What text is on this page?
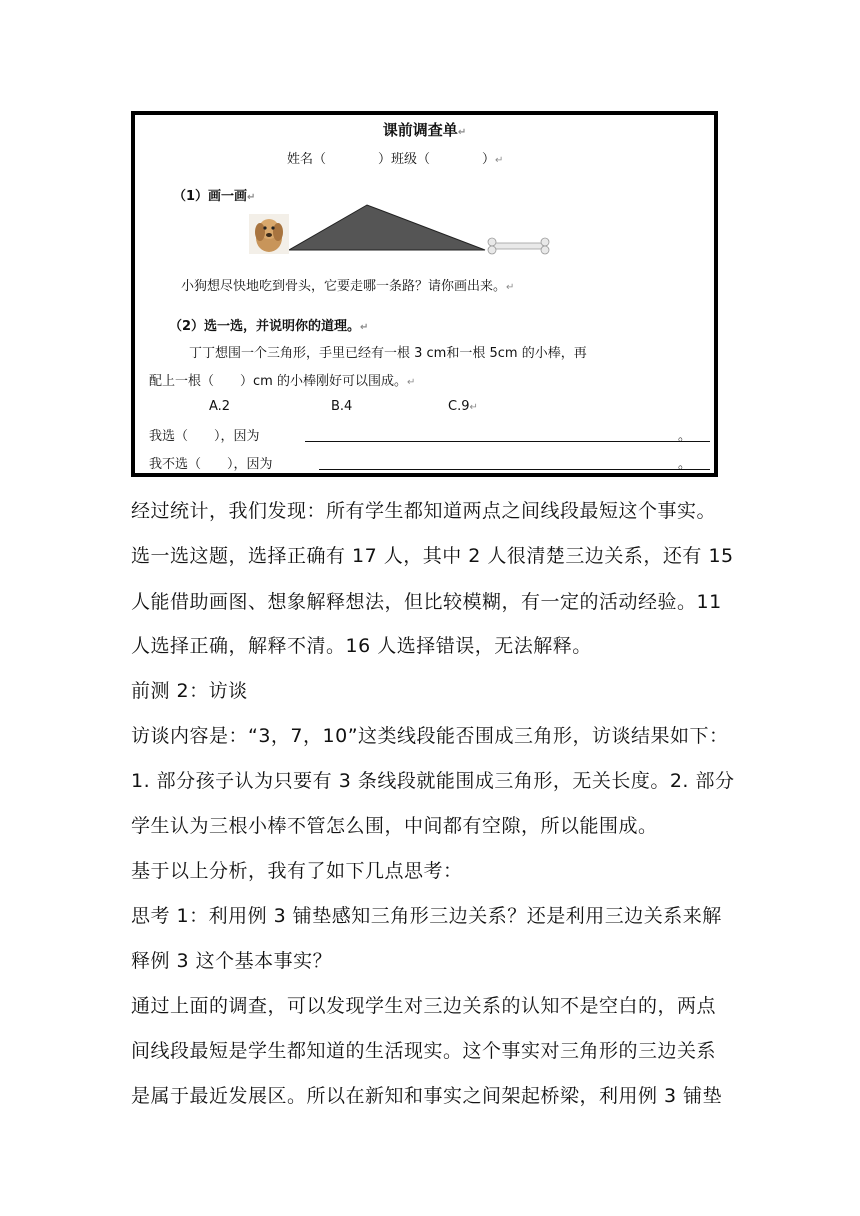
课前调查单↵
姓名（　　　　）班级（　　　　）↵
（1）画一画↵
小狗想尽快地吃到骨头，它要走哪一条路？请你画出来。↵
（2）选一选，并说明你的道理。↵
丁丁想围一个三角形，手里已经有一根 3 cm和一根 5cm 的小棒，再
配上一根（　　）cm 的小棒刚好可以围成。↵
A.2	B.4	C.9↵
我选（　　），因为	。
我不选（　　），因为	。
经过统计，我们发现：所有学生都知道两点之间线段最短这个事实。
选一选这题，选择正确有 17 人，其中 2 人很清楚三边关系，还有 15
人能借助画图、想象解释想法，但比较模糊，有一定的活动经验。11
人选择正确，解释不清。16 人选择错误，无法解释。
前测 2：访谈
访谈内容是：“3，7，10”这类线段能否围成三角形，访谈结果如下：
1. 部分孩子认为只要有 3 条线段就能围成三角形，无关长度。2. 部分
学生认为三根小棒不管怎么围，中间都有空隙，所以能围成。
基于以上分析，我有了如下几点思考：
思考 1：利用例 3 铺垫感知三角形三边关系？还是利用三边关系来解
释例 3 这个基本事实？
通过上面的调查，可以发现学生对三边关系的认知不是空白的，两点
间线段最短是学生都知道的生活现实。这个事实对三角形的三边关系
是属于最近发展区。所以在新知和事实之间架起桥梁，利用例 3 铺垫
